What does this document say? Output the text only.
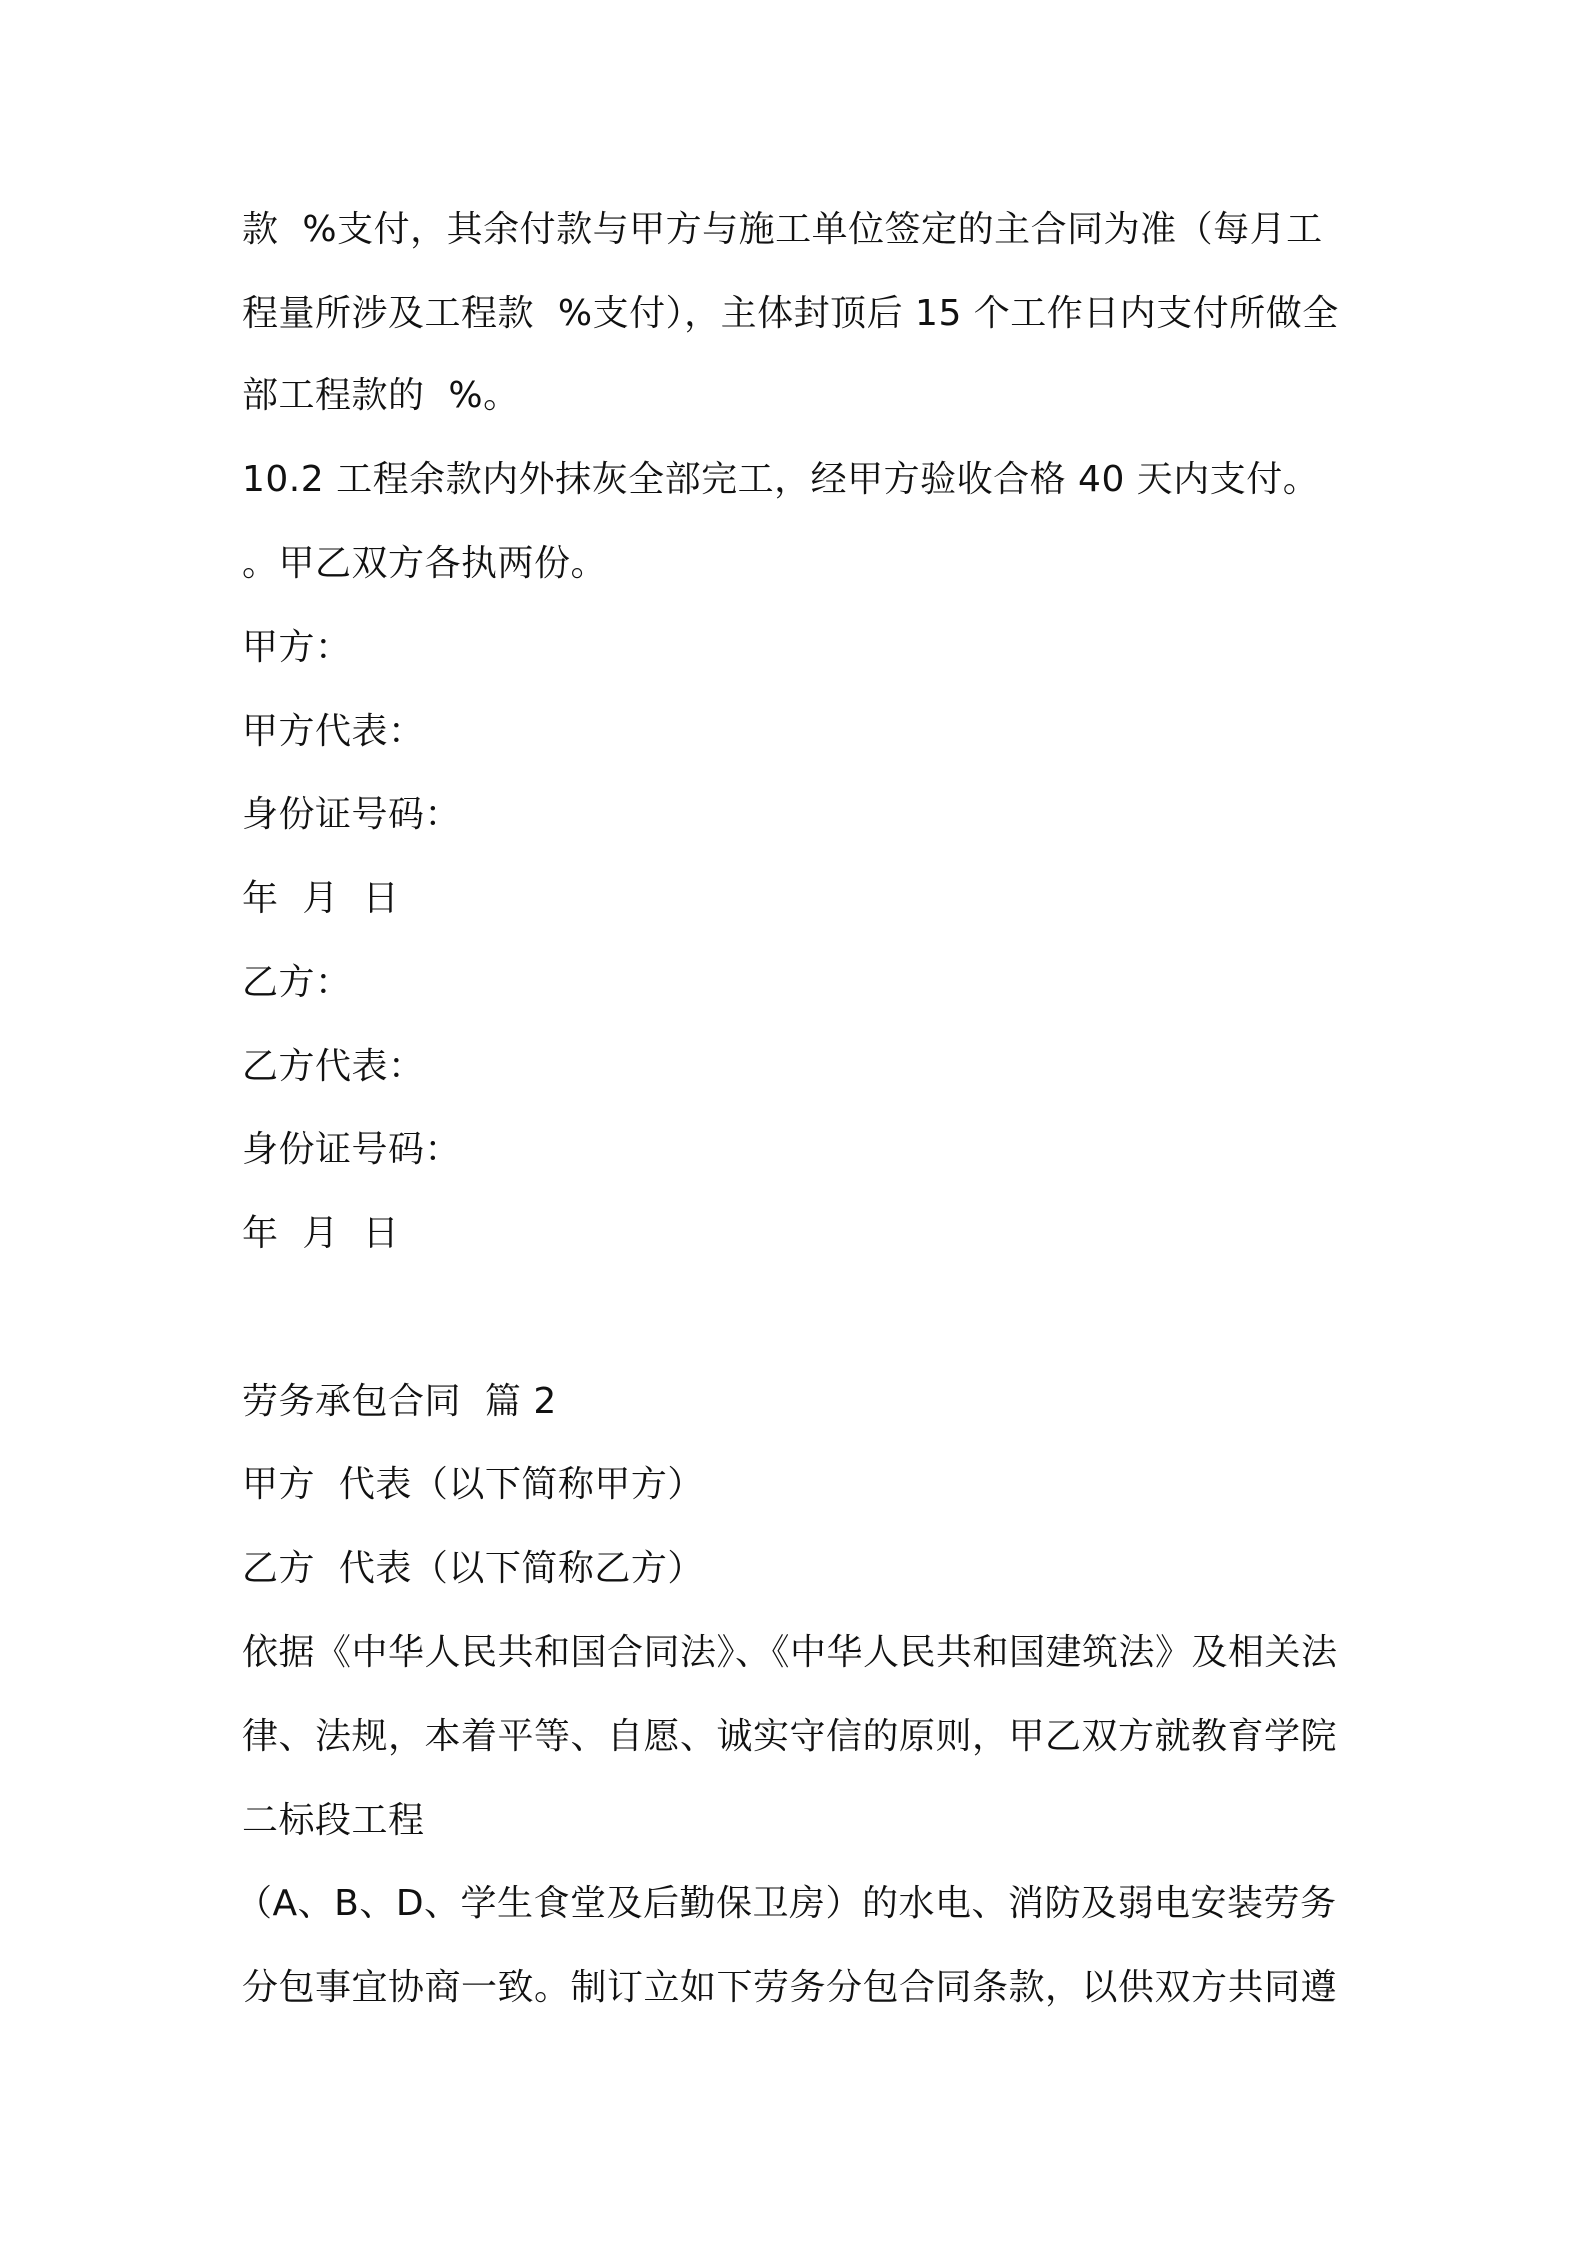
款  %支付，其余付款与甲方与施工单位签定的主合同为准（每月工
程量所涉及工程款  %支付），主体封顶后 15 个工作日内支付所做全
部工程款的  %。
10.2 工程余款内外抹灰全部完工，经甲方验收合格 40 天内支付。
。甲乙双方各执两份。
甲方：
甲方代表：
身份证号码：
年  月  日
乙方：
乙方代表：
身份证号码：
年  月  日
劳务承包合同  篇 2
甲方  代表（以下简称甲方）
乙方  代表（以下简称乙方）
依据《中华人民共和国合同法》、《中华人民共和国建筑法》及相关法
律、法规，本着平等、自愿、诚实守信的原则，甲乙双方就教育学院
二标段工程
（A、B、D、学生食堂及后勤保卫房）的水电、消防及弱电安装劳务
分包事宜协商一致。制订立如下劳务分包合同条款，以供双方共同遵
